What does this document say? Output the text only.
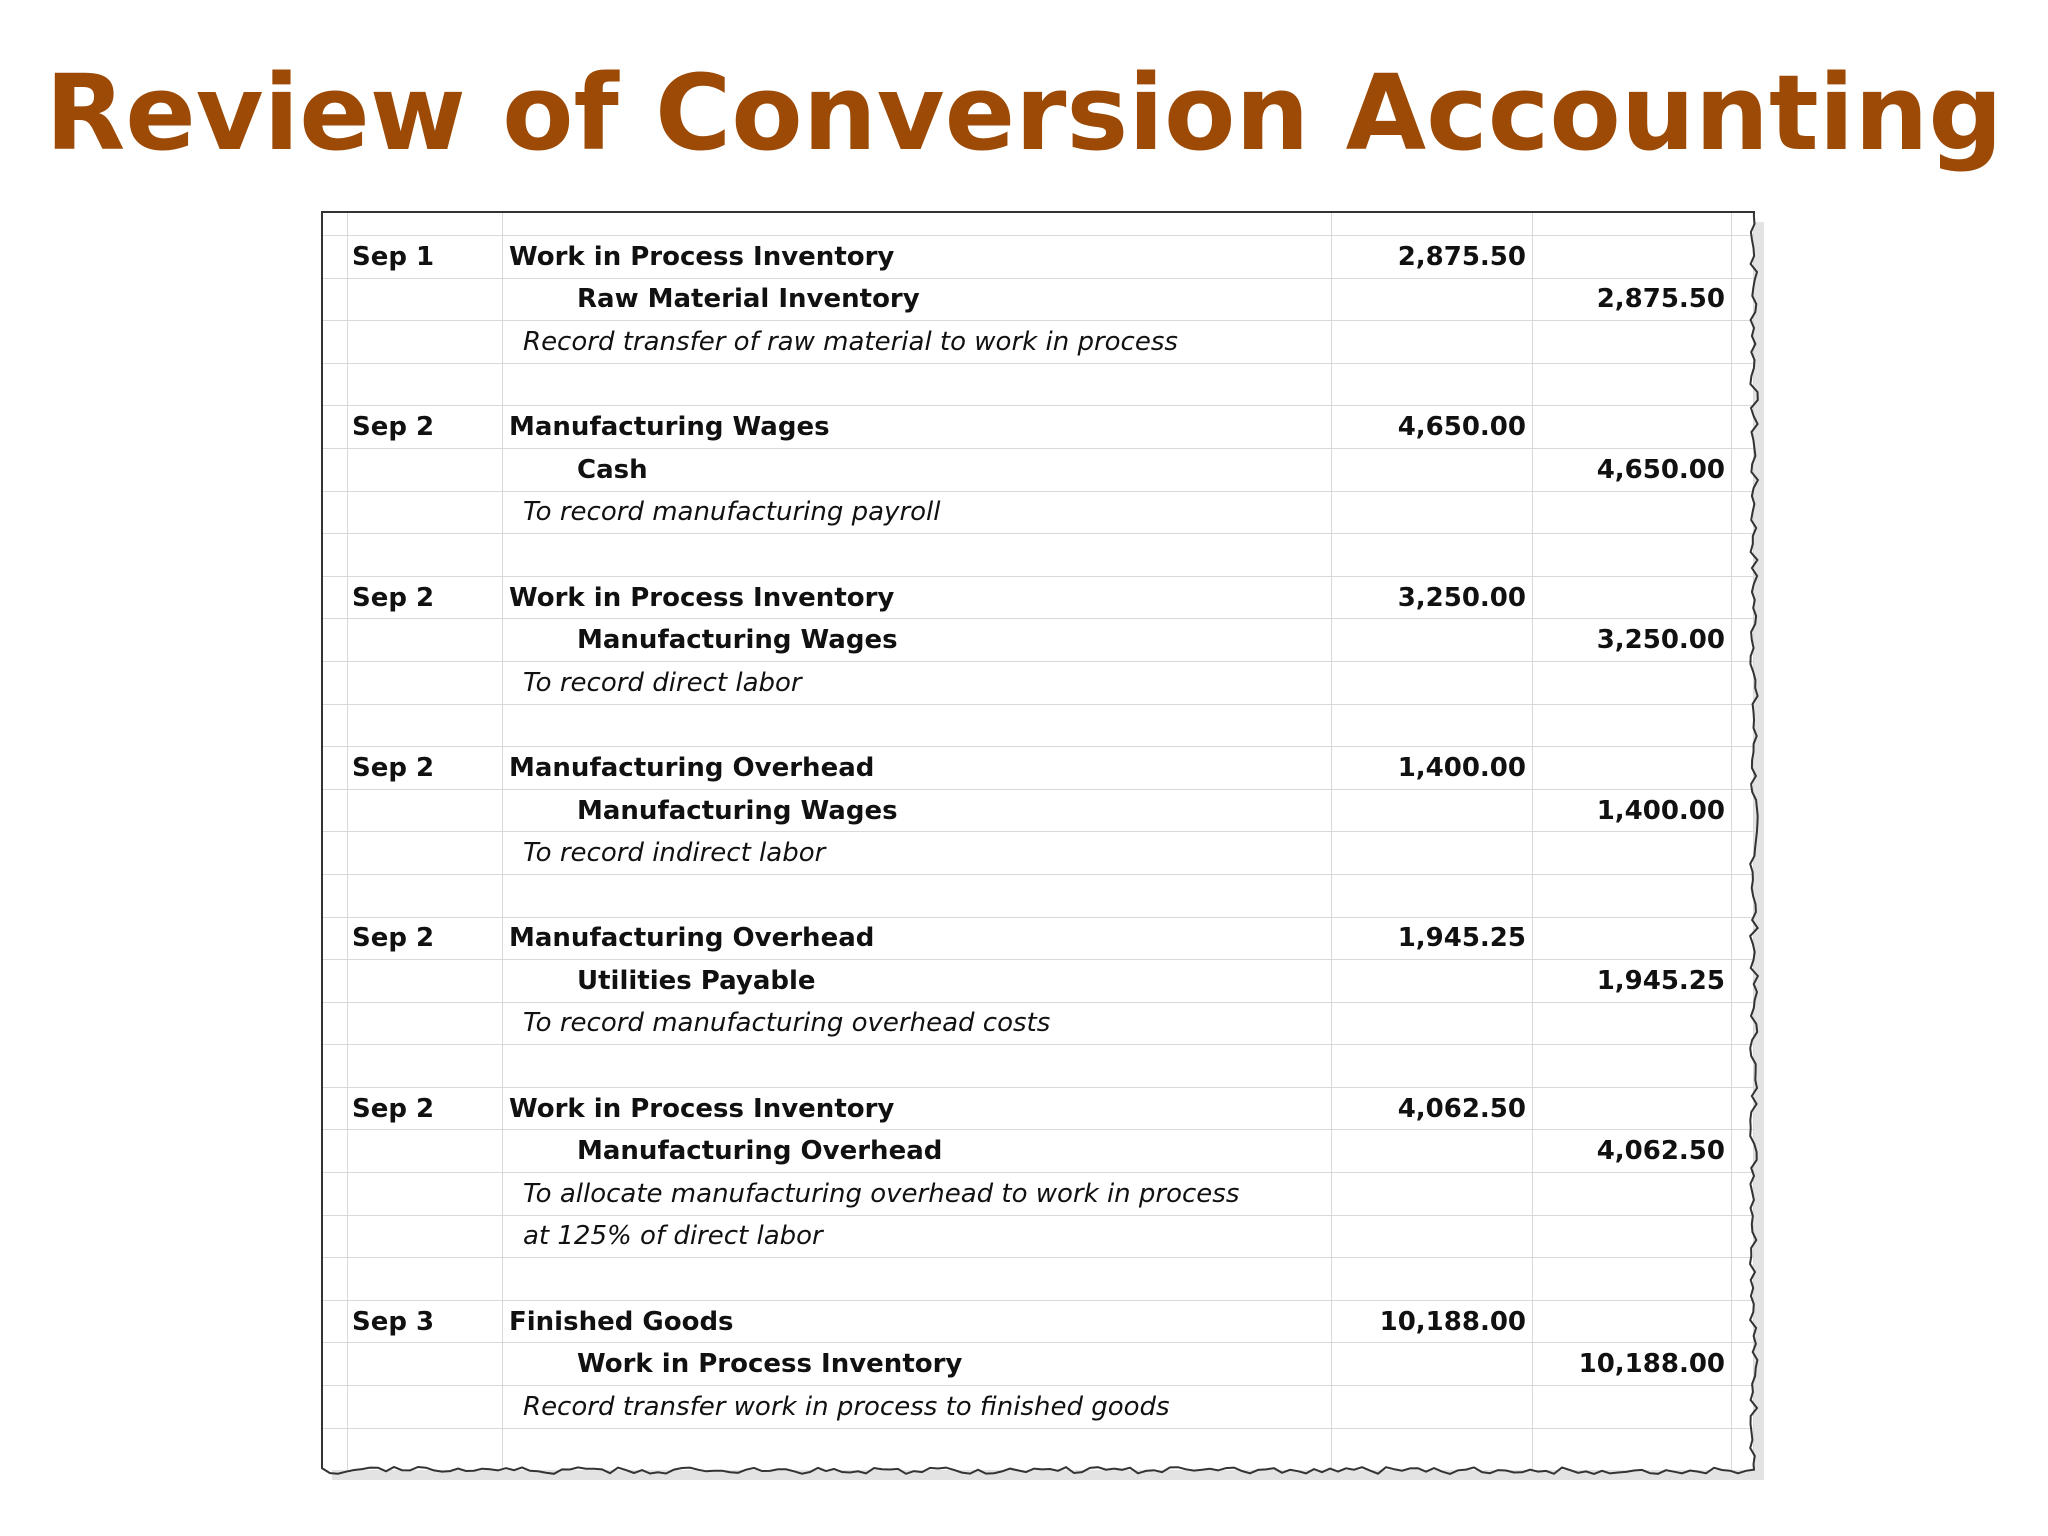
Review of Conversion Accounting

	Sep 1	Work in Process Inventory	2,875.50		
		Raw Material Inventory		2,875.50	
		Record transfer of raw material to work in process			

	Sep 2	Manufacturing Wages	4,650.00		
		Cash		4,650.00	
		To record manufacturing payroll			

	Sep 2	Work in Process Inventory	3,250.00		
		Manufacturing Wages		3,250.00	
		To record direct labor			

	Sep 2	Manufacturing Overhead	1,400.00		
		Manufacturing Wages		1,400.00	
		To record indirect labor			

	Sep 2	Manufacturing Overhead	1,945.25		
		Utilities Payable		1,945.25	
		To record manufacturing overhead costs			

	Sep 2	Work in Process Inventory	4,062.50		
		Manufacturing Overhead		4,062.50	
		To allocate manufacturing overhead to work in process			
		at 125% of direct labor			

	Sep 3	Finished Goods	10,188.00		
		Work in Process Inventory		10,188.00	
		Record transfer work in process to finished goods			
